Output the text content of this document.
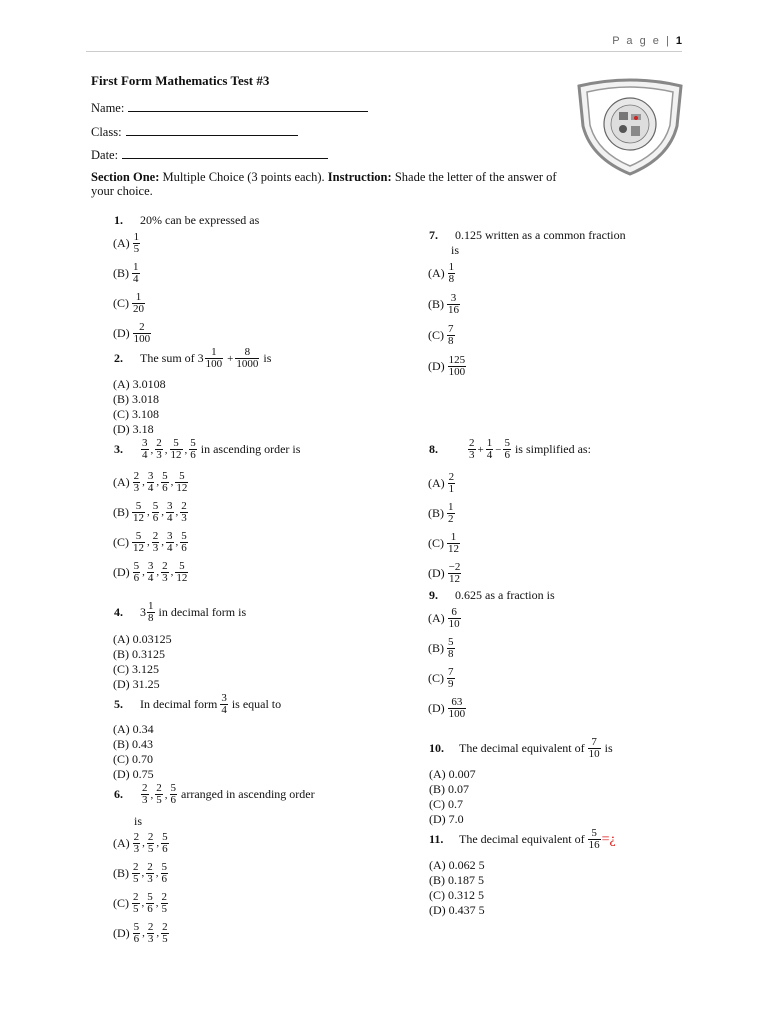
P a g e | 1
First Form Mathematics Test #3
Name:
Class:
Date:
Section One: Multiple Choice (3 points each). Instruction: Shade the letter of the answer of your choice.
1. 20% can be expressed as
(A) 1
5
(B) 1
4
(C) 1
20
(D) 2
100
2.	The sum of 3 1
$100 + \frac{8}{1000}$ is
(A) 3.0108
(B) 3.018
(C) 3.108
(D) 3.18
3.	3
4 ,
2
3 ,
5
12 ,
5
6 in ascending order is
(A) 2
3 ,
3
4 ,
5
6 ,
5
12
(B) 5
12 ,
5
6 ,
3
4 ,
2
3
(C) 5
12 ,
2
3 ,
3
4 ,
5
6
(D) 5
6 ,
3
4 ,
2
3 ,
5
12
4.	3 1
8 in decimal form is
(A) 0.03125
(B) 0.3125
(C) 3.125
(D) 31.25
5.	In decimal form 3
4 is equal to
(A) 0.34
(B) 0.43
(C) 0.70
(D) 0.75
6.	2
3 ,
2
5 ,
5
6 arranged in ascending order
is
(A) 2
3 ,
2
5 ,
5
6
(B) 2
5 ,
2
3 ,
5
6
(C) 2
5 ,
5
6 ,
2
5
(D) 5
6 ,
2
3 ,
2
5
7. 0.125 written as a common fraction
is
(A) 1
8
(B) 3
16
(C) 7
8
(D) 125
100
8.	2
$3 + \frac{1}{4} - \frac{5}{6}$ is simplified as:
(A) 2
1
(B) 1
2
(C) 1
12
(D) −2
12
9. 0.625 as a fraction is
(A) 6
10
(B) 5
8
(C) 7
9
(D) 63
100
10.	The decimal equivalent of 7
10 is
(A) 0.007
(B) 0.07
(C) 0.7
(D) 7.0
11.	The decimal equivalent of $\frac{5}{16}$ =¿
(A) 0.062 5
(B) 0.187 5
(C) 0.312 5
(D) 0.437 5
